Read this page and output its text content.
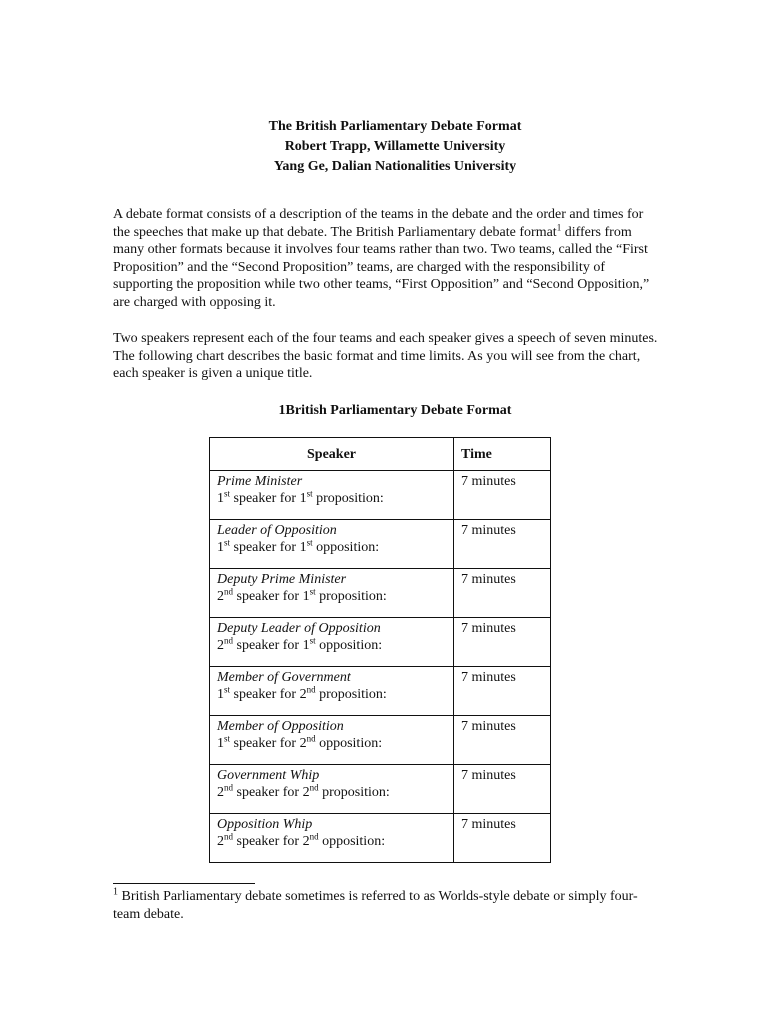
The British Parliamentary Debate Format
Robert Trapp, Willamette University
Yang Ge, Dalian Nationalities University

A debate format consists of a description of the teams in the debate and the order and times for the speeches that make up that debate. The British Parliamentary debate format$^1$ differs from many other formats because it involves four teams rather than two. Two teams, called the “First Proposition” and the “Second Proposition” teams, are charged with the responsibility of supporting the proposition while two other teams, “First Opposition” and “Second Opposition,” are charged with opposing it.

Two speakers represent each of the four teams and each speaker gives a speech of seven minutes. The following chart describes the basic format and time limits. As you will see from the chart, each speaker is given a unique title.

1British Parliamentary Debate Format
Speaker	Time

Prime Minister
1st speaker for 1st proposition:	7 minutes

Leader of Opposition
1st speaker for 1st opposition:	7 minutes

Deputy Prime Minister
2nd speaker for 1st proposition:	7 minutes

Deputy Leader of Opposition
2nd speaker for 1st opposition:	7 minutes

Member of Government
1st speaker for 2nd proposition:	7 minutes

Member of Opposition
1st speaker for 2nd opposition:	7 minutes

Government Whip
2nd speaker for 2nd proposition:	7 minutes

Opposition Whip
2nd speaker for 2nd opposition:	7 minutes

$^1$ British Parliamentary debate sometimes is referred to as Worlds-style debate or simply four-team debate.
